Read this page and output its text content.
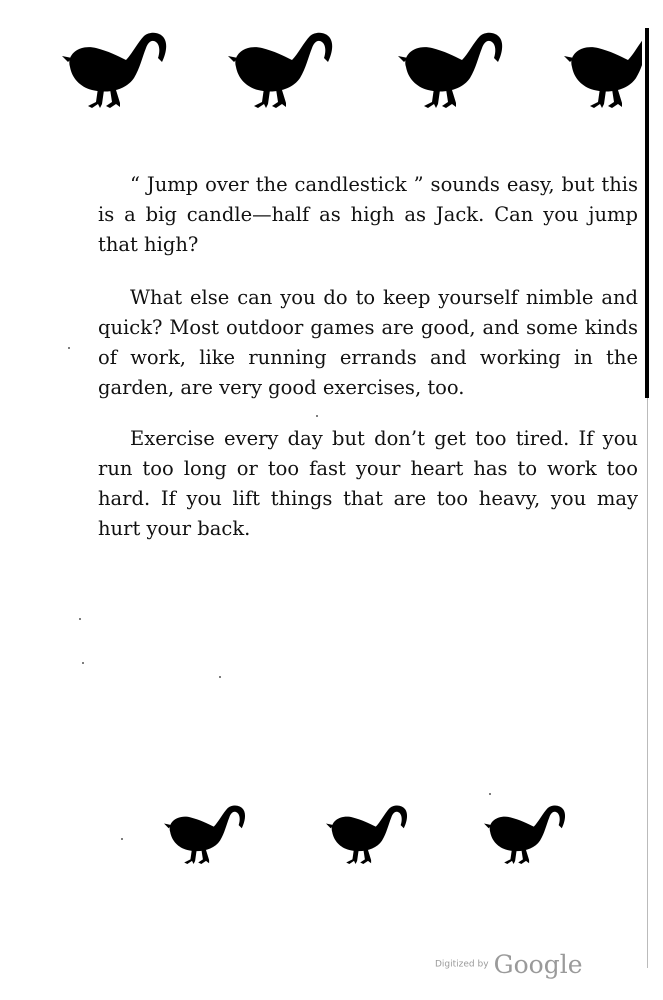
“ Jump over the candlestick ” sounds easy, but this is a big candle—half as high as Jack. Can you jump that high?

What else can you do to keep yourself nimble and quick? Most outdoor games are good, and some kinds of work, like running errands and working in the garden, are very good exercises, too.

Exercise every day but don’t get too tired. If you run too long or too fast your heart has to work too hard. If you lift things that are too heavy, you may hurt your back.

Digitized by Google
